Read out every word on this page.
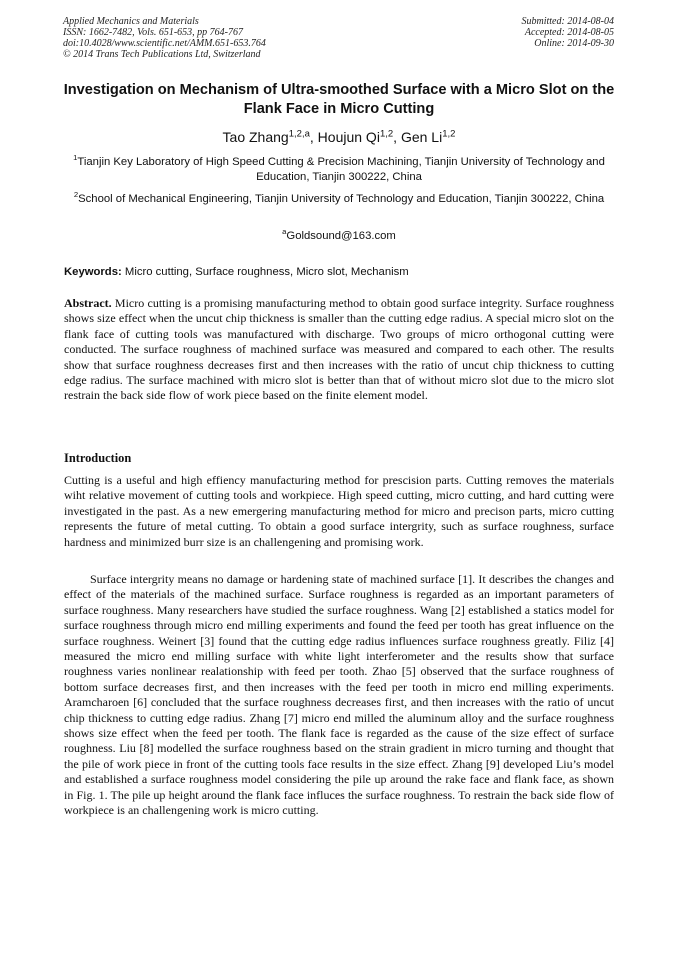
Applied Mechanics and Materials
ISSN: 1662-7482, Vols. 651-653, pp 764-767
doi:10.4028/www.scientific.net/AMM.651-653.764
© 2014 Trans Tech Publications Ltd, Switzerland
Submitted: 2014-08-04
Accepted: 2014-08-05
Online: 2014-09-30
Investigation on Mechanism of Ultra-smoothed Surface with a Micro Slot on the Flank Face in Micro Cutting
Tao Zhang$^{1,2,a}$, Houjun Qi$^{1,2}$, Gen Li$^{1,2}$
$^1$Tianjin Key Laboratory of High Speed Cutting & Precision Machining, Tianjin University of Technology and Education, Tianjin 300222, China
$^2$School of Mechanical Engineering, Tianjin University of Technology and Education, Tianjin 300222, China
$^a$Goldsound@163.com
Keywords: Micro cutting, Surface roughness, Micro slot, Mechanism
Abstract. Micro cutting is a promising manufacturing method to obtain good surface integrity. Surface roughness shows size effect when the uncut chip thickness is smaller than the cutting edge radius. A special micro slot on the flank face of cutting tools was manufactured with discharge. Two groups of micro orthogonal cutting were conducted. The surface roughness of machined surface was measured and compared to each other. The results show that surface roughness decreases first and then increases with the ratio of uncut chip thickness to cutting edge radius. The surface machined with micro slot is better than that of without micro slot due to the micro slot restrain the back side flow of work piece based on the finite element model.
Introduction
Cutting is a useful and high effiency manufacturing method for prescision parts. Cutting removes the materials wiht relative movement of cutting tools and workpiece. High speed cutting, micro cutting, and hard cutting were investigated in the past. As a new emergering manufacturing method for micro and precison parts, micro cutting represents the future of metal cutting. To obtain a good surface intergrity, such as surface roughness, surface hardness and minimized burr size is an challengening and promising work.
Surface intergrity means no damage or hardening state of machined surface [1]. It describes the changes and effect of the materials of the machined surface. Surface roughness is regarded as an important parameters of surface roughness. Many researchers have studied the surface roughness. Wang [2] established a statics model for surface roughness through micro end milling experiments and found the feed per tooth has great influence on the surface roughness. Weinert [3] found that the cutting edge radius influences surface roughness greatly. Filiz [4] measured the micro end milling surface with white light interferometer and the results show that surface roughness varies nonlinear realationship with feed per tooth. Zhao [5] observed that the surface roughness of bottom surface decreases first, and then increases with the feed per tooth in micro end milling experiments. Aramcharoen [6] concluded that the surface roughness decreases first, and then increases with the ratio of uncut chip thickness to cutting edge radius. Zhang [7] micro end milled the aluminum alloy and the surface roughness shows size effect when the feed per tooth. The flank face is regarded as the cause of the size effect of surface roughness. Liu [8] modelled the surface roughness based on the strain gradient in micro turning and thought that the pile of work piece in front of the cutting tools face results in the size effect. Zhang [9] developed Liu’s model and established a surface roughness model considering the pile up around the rake face and flank face, as shown in Fig. 1. The pile up height around the flank face influces the surface roughness. To restrain the back side flow of workpiece is an challengening work is micro cutting.
